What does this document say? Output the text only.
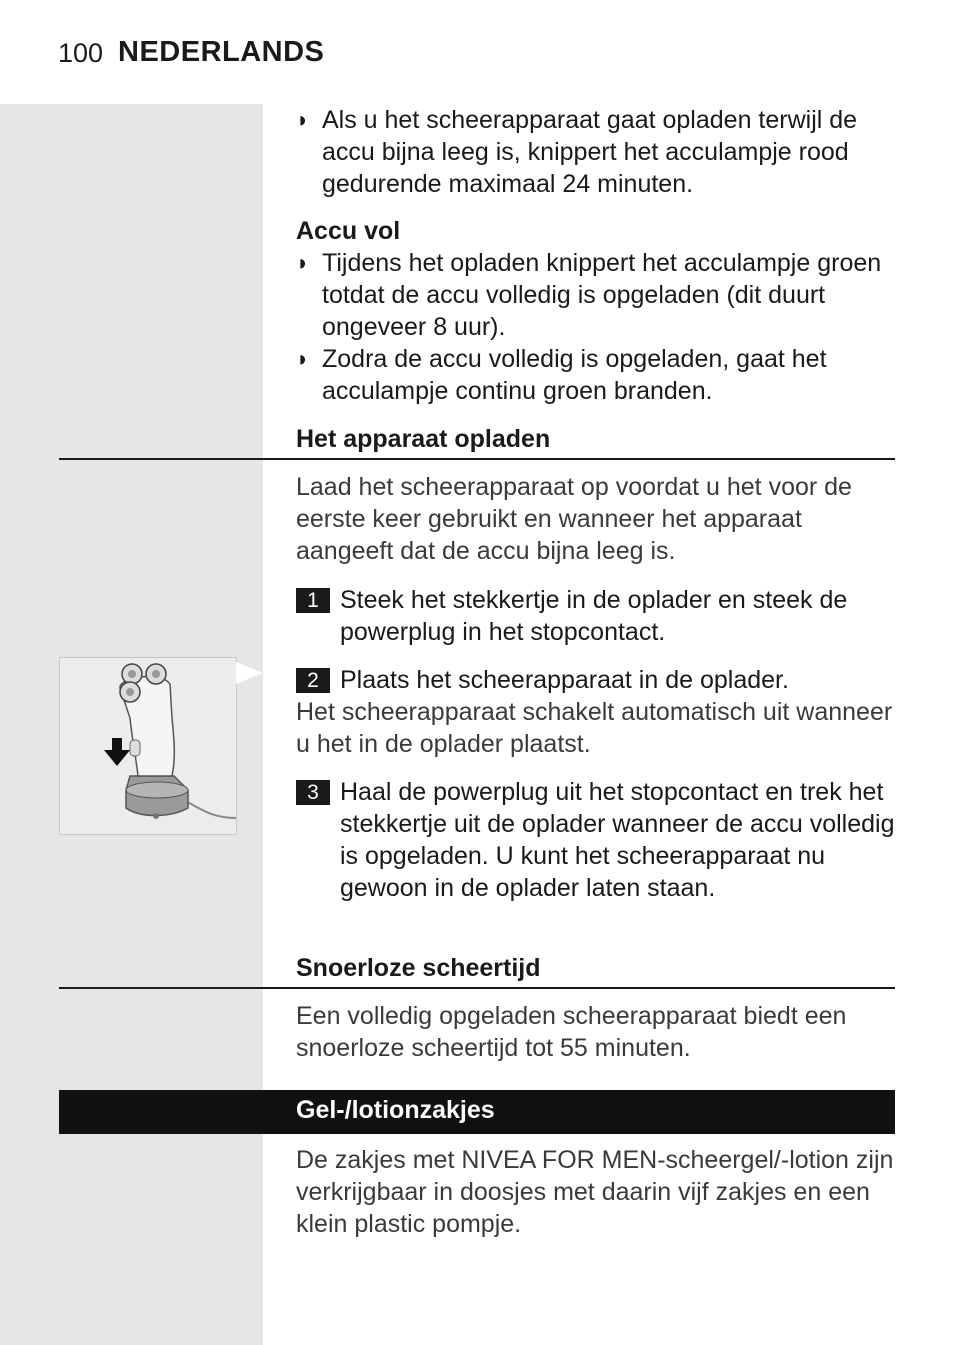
100 NEDERLANDS
◗ Als u het scheerapparaat gaat opladen terwijl de accu bijna leeg is, knippert het acculampje rood gedurende maximaal 24 minuten.
Accu vol
◗ Tijdens het opladen knippert het acculampje groen totdat de accu volledig is opgeladen (dit duurt ongeveer 8 uur).
◗ Zodra de accu volledig is opgeladen, gaat het acculampje continu groen branden.
Het apparaat opladen
Laad het scheerapparaat op voordat u het voor de eerste keer gebruikt en wanneer het apparaat aangeeft dat de accu bijna leeg is.
1 Steek het stekkertje in de oplader en steek de powerplug in het stopcontact.
2 Plaats het scheerapparaat in de oplader.
Het scheerapparaat schakelt automatisch uit wanneer u het in de oplader plaatst.
3 Haal de powerplug uit het stopcontact en trek het stekkertje uit de oplader wanneer de accu volledig is opgeladen. U kunt het scheerapparaat nu gewoon in de oplader laten staan.
Snoerloze scheertijd
Een volledig opgeladen scheerapparaat biedt een snoerloze scheertijd tot 55 minuten.
Gel-/lotionzakjes
De zakjes met NIVEA FOR MEN-scheergel/-lotion zijn verkrijgbaar in doosjes met daarin vijf zakjes en een klein plastic pompje.
